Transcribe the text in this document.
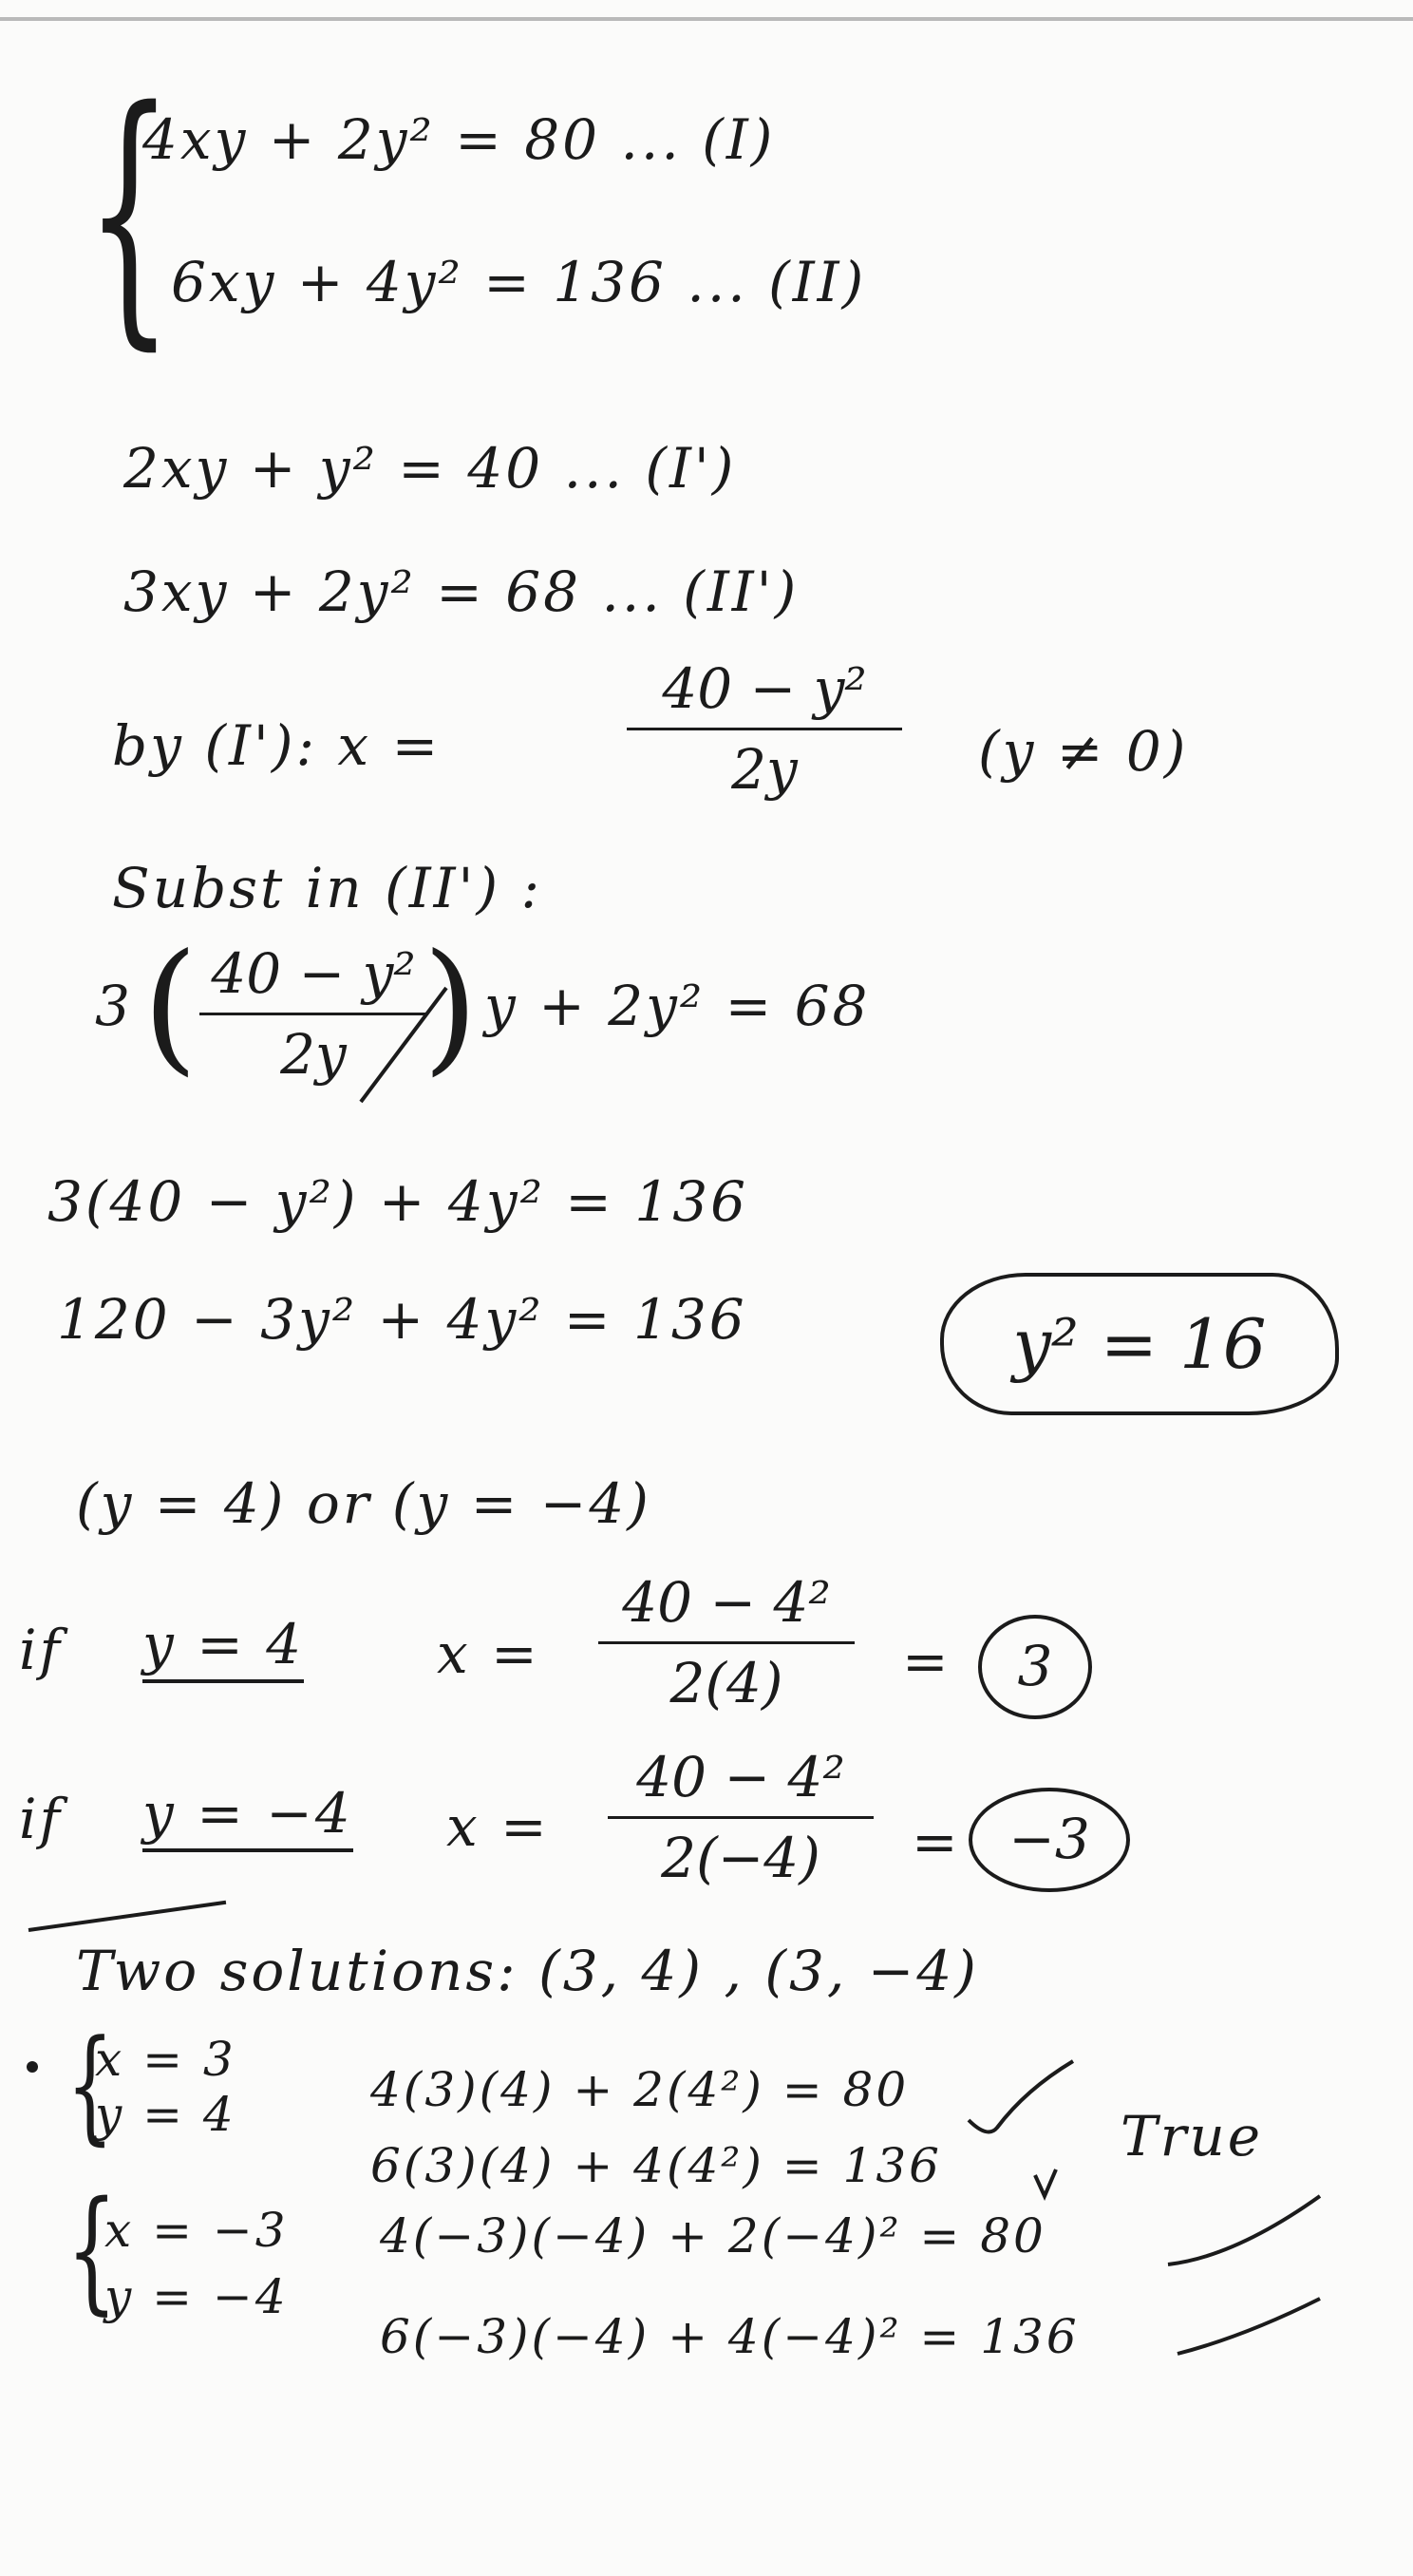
{
4xy + 2y² = 80 ... (I)
6xy + 4y² = 136 ... (II)
2xy + y² = 40 ... (I')
3xy + 2y² = 68 ... (II')
by (I'): x =
40 − y²
2y	(y ≠ 0)
Subst in (II') :
3 ( 40 − y²
2y ) y + 2y² = 68
3(40 − y²) + 4y² = 136
120 − 3y² + 4y² = 136	y² = 16
(y = 4) or (y = −4)
if y = 4 x =
40 − 4²
2(4)	=	3
if y = −4 x =
40 − 4²
2(−4)	= −3
Two solutions: (3, 4) , (3, −4)
{
x = 3
y = 4	4(3)(4) + 2(4²) = 80
6(3)(4) + 4(4²) = 136	True
{
x = −3
y = −4
4(−3)(−4) + 2(−4)² = 80
6(−3)(−4) + 4(−4)² = 136
